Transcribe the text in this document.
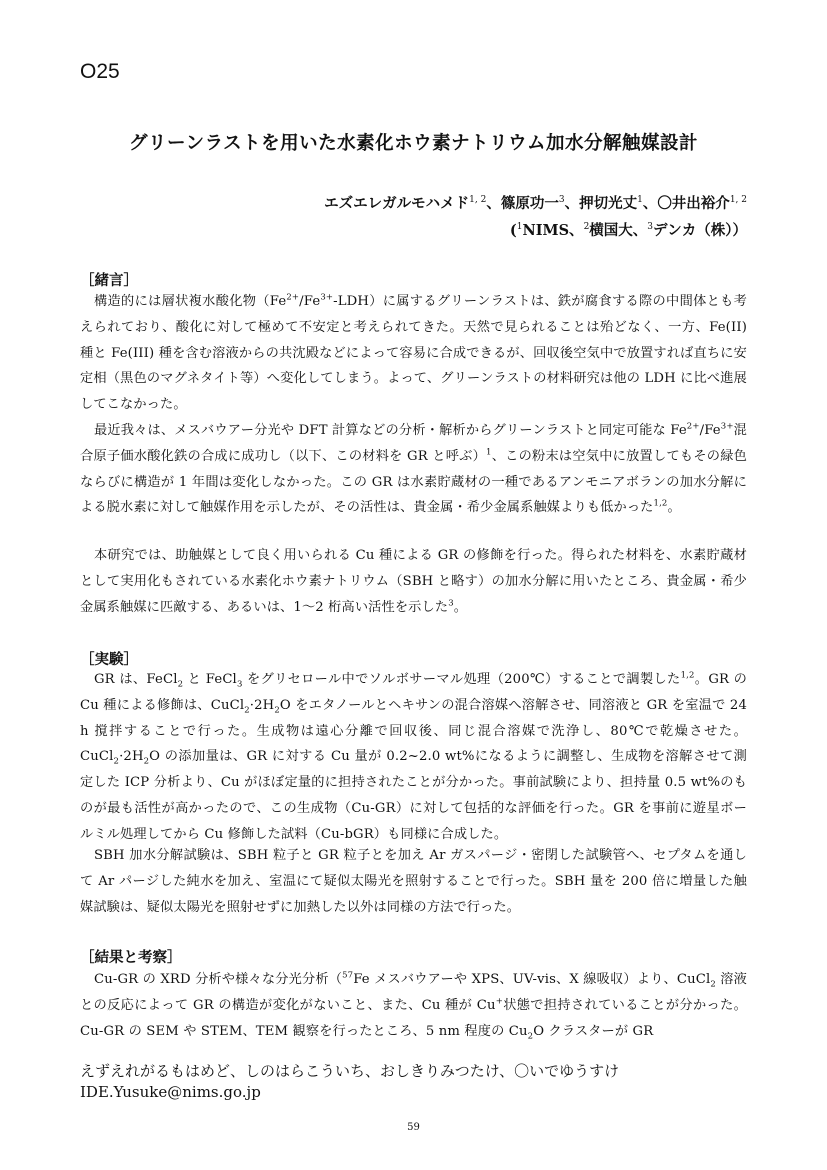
O25
グリーンラストを用いた水素化ホウ素ナトリウム加水分解触媒設計
エズエレガルモハメド$^{1, 2}$、篠原功一$^3$、押切光丈$^1$、〇井出裕介$^{1, 2}$
($^1$NIMS、$^2$横国大、$^3$デンカ（株））
［緒言］
構造的には層状複水酸化物$(Fe^{2+}/Fe^{3+}-LDH)$に属するグリーンラストは、鉄が腐食する際の中間体とも考えられており、酸化に対して極めて不安定と考えられてきた。天然で見られることは殆どなく、一方、Fe(II) 種と Fe(III) 種を含む溶液からの共沈殿などによって容易に合成できるが、回収後空気中で放置すれば直ちに安定相（黒色のマグネタイト等）へ変化してしまう。よって、グリーンラストの材料研究は他の LDH に比べ進展してこなかった。
最近我々は、メスバウアー分光や DFT 計算などの分析・解析からグリーンラストと同定可能な $Fe^{2+}/Fe^{3+}$混合原子価水酸化鉄の合成に成功し（以下、この材料を GR と呼ぶ）$^1$、この粉末は空気中に放置してもその緑色ならびに構造が 1 年間は変化しなかった。この GR は水素貯蔵材の一種であるアンモニアボランの加水分解による脱水素に対して触媒作用を示したが、その活性は、貴金属・希少金属系触媒よりも低かった$^{1,2}$。
本研究では、助触媒として良く用いられる Cu 種による GR の修飾を行った。得られた材料を、水素貯蔵材として実用化もされている水素化ホウ素ナトリウム（SBH と略す）の加水分解に用いたところ、貴金属・希少金属系触媒に匹敵する、あるいは、1〜2 桁高い活性を示した$^3$。
［実験］
GR は、FeCl$_2$ と FeCl$_3$ をグリセロール中でソルボサーマル処理（200℃）することで調製した$^{1,2}$。GR の Cu 種による修飾は、$CuCl_2\cdot 2H_2O$ をエタノールとヘキサンの混合溶媒へ溶解させ、同溶液と GR を室温で 24 h 撹拌することで行った。生成物は遠心分離で回収後、同じ混合溶媒で洗浄し、80℃で乾燥させた。$CuCl_2\cdot 2H_2O$ の添加量は、GR に対する Cu 量が 0.2~2.0 wt%になるように調整し、生成物を溶解させて測定した ICP 分析より、Cu がほぼ定量的に担持されたことが分かった。事前試験により、担持量 0.5 wt%のものが最も活性が高かったので、この生成物（Cu-GR）に対して包括的な評価を行った。GR を事前に遊星ボールミル処理してから Cu 修飾した試料（Cu-bGR）も同様に合成した。
SBH 加水分解試験は、SBH 粒子と GR 粒子とを加え Ar ガスパージ・密閉した試験管へ、セプタムを通して Ar パージした純水を加え、室温にて疑似太陽光を照射することで行った。SBH 量を 200 倍に増量した触媒試験は、疑似太陽光を照射せずに加熱した以外は同様の方法で行った。
［結果と考察］
Cu-GR の XRD 分析や様々な分光分析（$^{57}$Fe メスバウアーや XPS、UV-vis、X 線吸収）より、CuCl$_2$ 溶液との反応によって GR の構造が変化がないこと、また、Cu 種が Cu+状態で担持されていることが分かった。Cu-GR の SEM や STEM、TEM 観察を行ったところ、5 nm 程度の $Cu_2O$ クラスターが GR
えずえれがるもはめど、しのはらこういち、おしきりみつたけ、〇いでゆうすけ
IDE.Yusuke@nims.go.jp
59
